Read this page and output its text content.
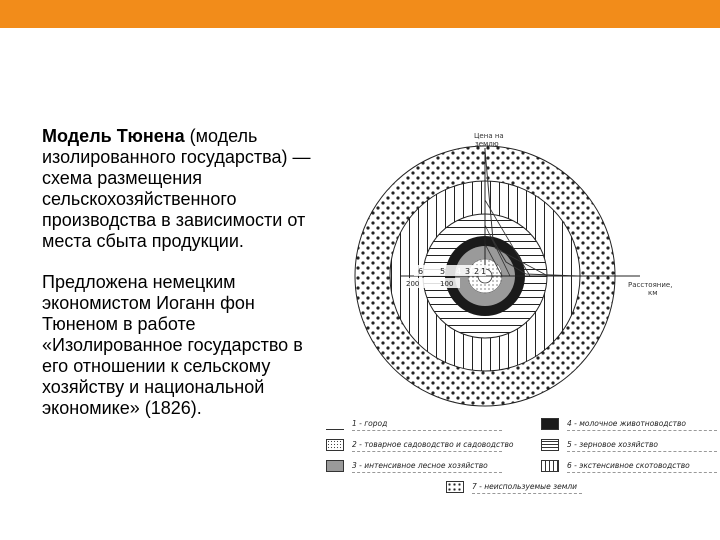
Модель Тюнена (модель изолированного государства) — схема размещения сельскохозяйственного производства в зависимости от места сбыта продукции.

Предложена немецким экономистом Иоганн фон Тюненом в работе «Изолированное государство в его отношении к сельскому хозяйству и национальной экономике» (1826).

Цена на
землю
Расстояние,
км
6 5 4 3 2 1
200	100
1 - город	4 - молочное животноводство
2 - товарное садоводство и садоводство	5 - зерновое хозяйство
3 - интенсивное лесное хозяйство	6 - экстенсивное скотоводство
7 - неиспользуемые земли
